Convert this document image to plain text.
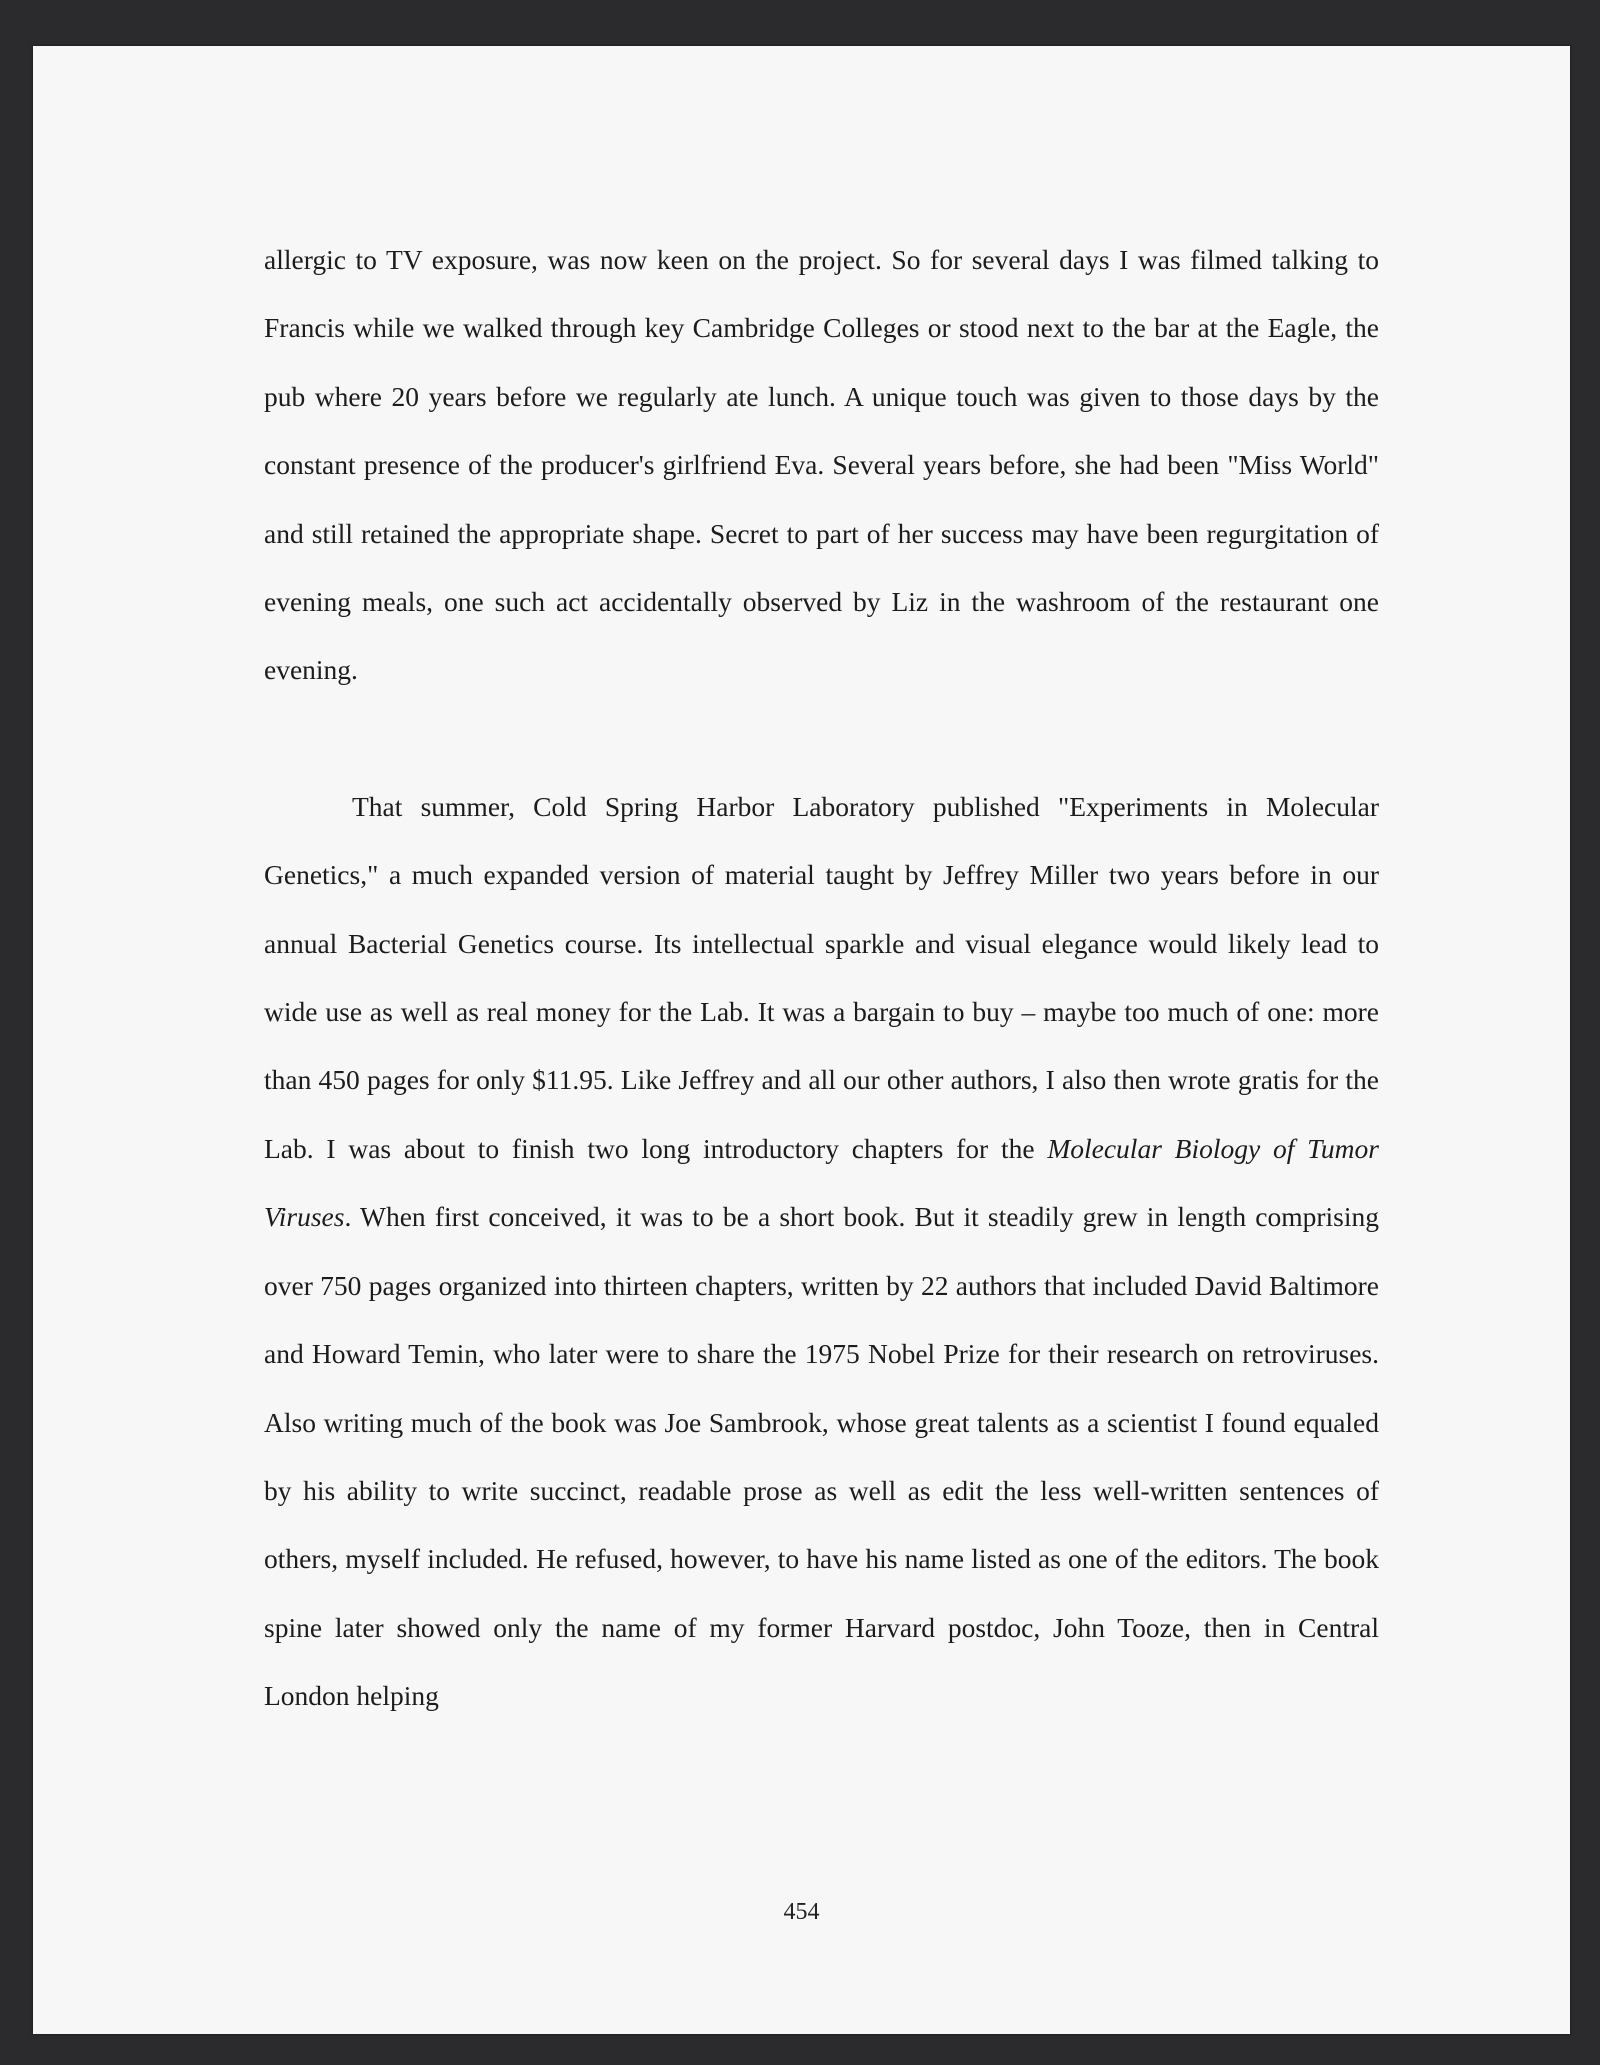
allergic to TV exposure, was now keen on the project. So for several days I was filmed talking to Francis while we walked through key Cambridge Colleges or stood next to the bar at the Eagle, the pub where 20 years before we regularly ate lunch. A unique touch was given to those days by the constant presence of the producer's girlfriend Eva. Several years before, she had been "Miss World" and still retained the appropriate shape. Secret to part of her success may have been regurgitation of evening meals, one such act accidentally observed by Liz in the washroom of the restaurant one evening.

That summer, Cold Spring Harbor Laboratory published "Experiments in Molecular Genetics," a much expanded version of material taught by Jeffrey Miller two years before in our annual Bacterial Genetics course. Its intellectual sparkle and visual elegance would likely lead to wide use as well as real money for the Lab. It was a bargain to buy – maybe too much of one: more than 450 pages for only $11.95. Like Jeffrey and all our other authors, I also then wrote gratis for the Lab. I was about to finish two long introductory chapters for the Molecular Biology of Tumor Viruses. When first conceived, it was to be a short book. But it steadily grew in length comprising over 750 pages organized into thirteen chapters, written by 22 authors that included David Baltimore and Howard Temin, who later were to share the 1975 Nobel Prize for their research on retroviruses. Also writing much of the book was Joe Sambrook, whose great talents as a scientist I found equaled by his ability to write succinct, readable prose as well as edit the less well-written sentences of others, myself included. He refused, however, to have his name listed as one of the editors. The book spine later showed only the name of my former Harvard postdoc, John Tooze, then in Central London helping

454
